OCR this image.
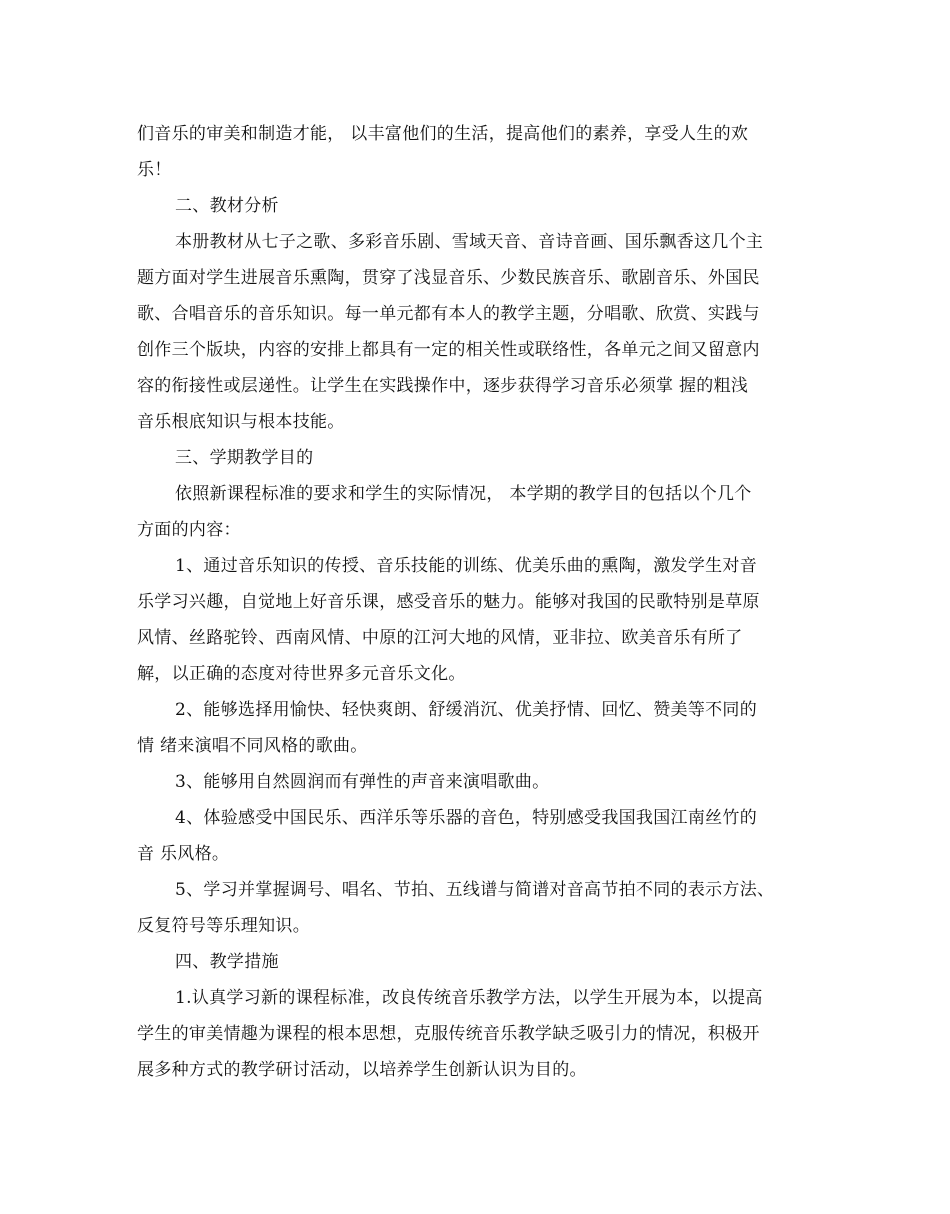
们音乐的审美和制造才能， 以丰富他们的生活，提高他们的素养，享受人生的欢
乐！
二、教材分析
本册教材从七子之歌、多彩音乐剧、雪域天音、音诗音画、国乐飘香这几个主
题方面对学生进展音乐熏陶，贯穿了浅显音乐、少数民族音乐、歌剧音乐、外国民
歌、合唱音乐的音乐知识。每一单元都有本人的教学主题，分唱歌、欣赏、实践与
创作三个版块，内容的安排上都具有一定的相关性或联络性，各单元之间又留意内
容的衔接性或层递性。让学生在实践操作中，逐步获得学习音乐必须掌 握的粗浅
音乐根底知识与根本技能。
三、学期教学目的
依照新课程标准的要求和学生的实际情况， 本学期的教学目的包括以个几个
方面的内容：
1、通过音乐知识的传授、音乐技能的训练、优美乐曲的熏陶，激发学生对音
乐学习兴趣，自觉地上好音乐课，感受音乐的魅力。能够对我国的民歌特别是草原
风情、丝路驼铃、西南风情、中原的江河大地的风情，亚非拉、欧美音乐有所了
解，以正确的态度对待世界多元音乐文化。
2、能够选择用愉快、轻快爽朗、舒缓消沉、优美抒情、回忆、赞美等不同的
情 绪来演唱不同风格的歌曲。
3、能够用自然圆润而有弹性的声音来演唱歌曲。
4、体验感受中国民乐、西洋乐等乐器的音色，特别感受我国我国江南丝竹的
音 乐风格。
5、学习并掌握调号、唱名、节拍、五线谱与简谱对音高节拍不同的表示方法、
反复符号等乐理知识。
四、教学措施
1.认真学习新的课程标准，改良传统音乐教学方法，以学生开展为本，以提高
学生的审美情趣为课程的根本思想，克服传统音乐教学缺乏吸引力的情况，积极开
展多种方式的教学研讨活动，以培养学生创新认识为目的。
